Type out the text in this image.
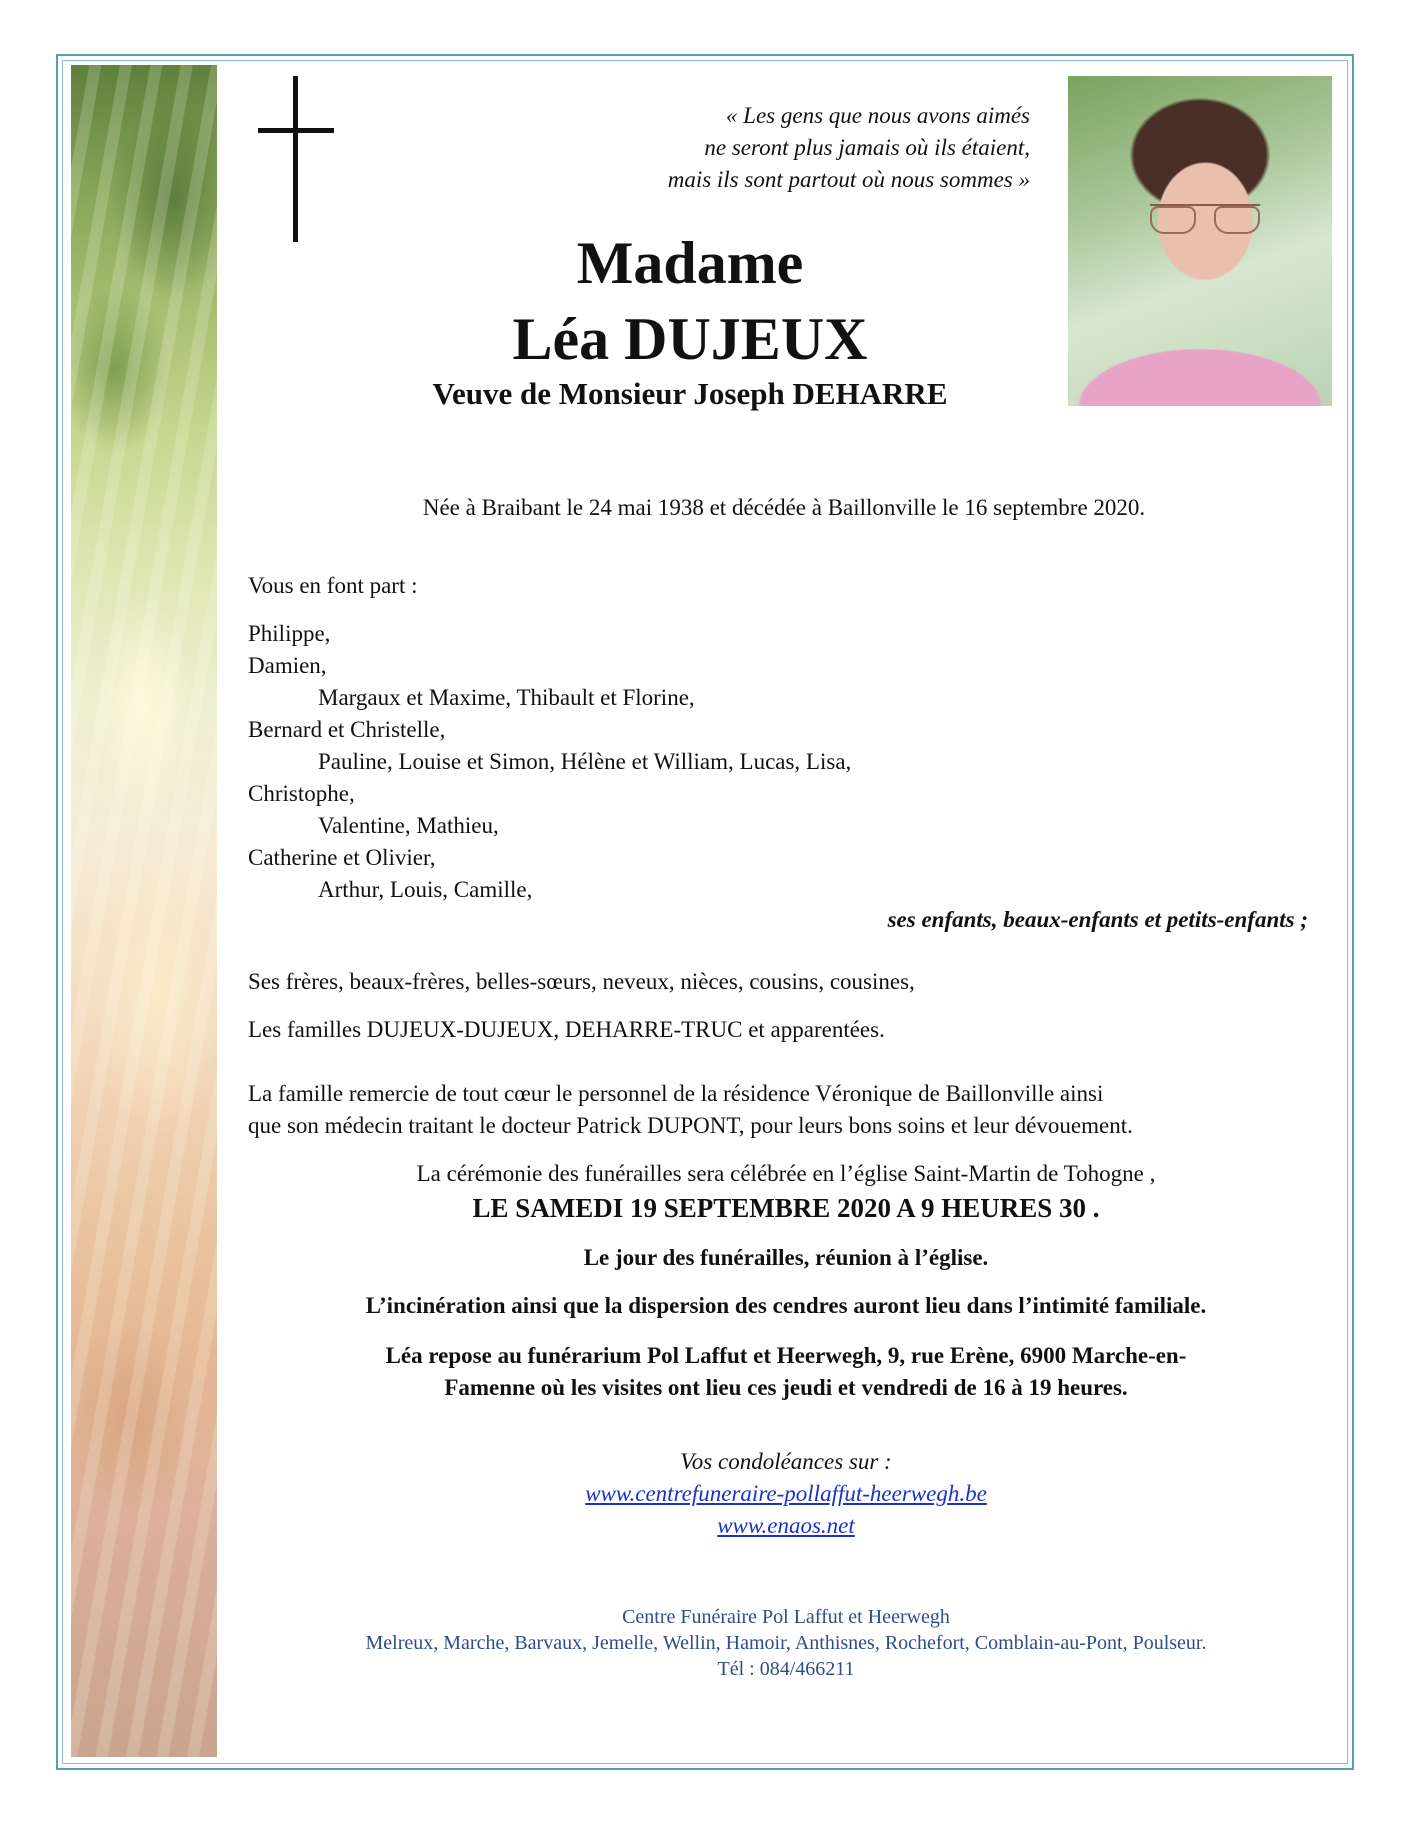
« Les gens que nous avons aimés
ne seront plus jamais où ils étaient,
mais ils sont partout où nous sommes »
Madame
Léa DUJEUX
Veuve de Monsieur Joseph DEHARRE
Née à Braibant le 24 mai 1938 et décédée à Baillonville le 16 septembre 2020.
Vous en font part :
Philippe,
Damien,
Margaux et Maxime, Thibault et Florine,
Bernard et Christelle,
Pauline, Louise et Simon, Hélène et William, Lucas, Lisa,
Christophe,
Valentine, Mathieu,
Catherine et Olivier,
Arthur, Louis, Camille,
ses enfants, beaux-enfants et petits-enfants ;
Ses frères, beaux-frères, belles-sœurs, neveux, nièces, cousins, cousines,
Les familles DUJEUX-DUJEUX, DEHARRE-TRUC et apparentées.
La famille remercie de tout cœur le personnel de la résidence Véronique de Baillonville ainsi
que son médecin traitant le docteur Patrick DUPONT, pour leurs bons soins et leur dévouement.
La cérémonie des funérailles sera célébrée en l’église Saint-Martin de Tohogne ,
LE SAMEDI 19 SEPTEMBRE 2020 A 9 HEURES 30 .
Le jour des funérailles, réunion à l’église.
L’incinération ainsi que la dispersion des cendres auront lieu dans l’intimité familiale.
Léa repose au funérarium Pol Laffut et Heerwegh, 9, rue Erène, 6900 Marche-en-
Famenne où les visites ont lieu ces jeudi et vendredi de 16 à 19 heures.
Vos condoléances sur :
www.centrefuneraire-pollaffut-heerwegh.be
www.enaos.net
Centre Funéraire Pol Laffut et Heerwegh
Melreux, Marche, Barvaux, Jemelle, Wellin, Hamoir, Anthisnes, Rochefort, Comblain-au-Pont, Poulseur.
Tél : 084/466211
